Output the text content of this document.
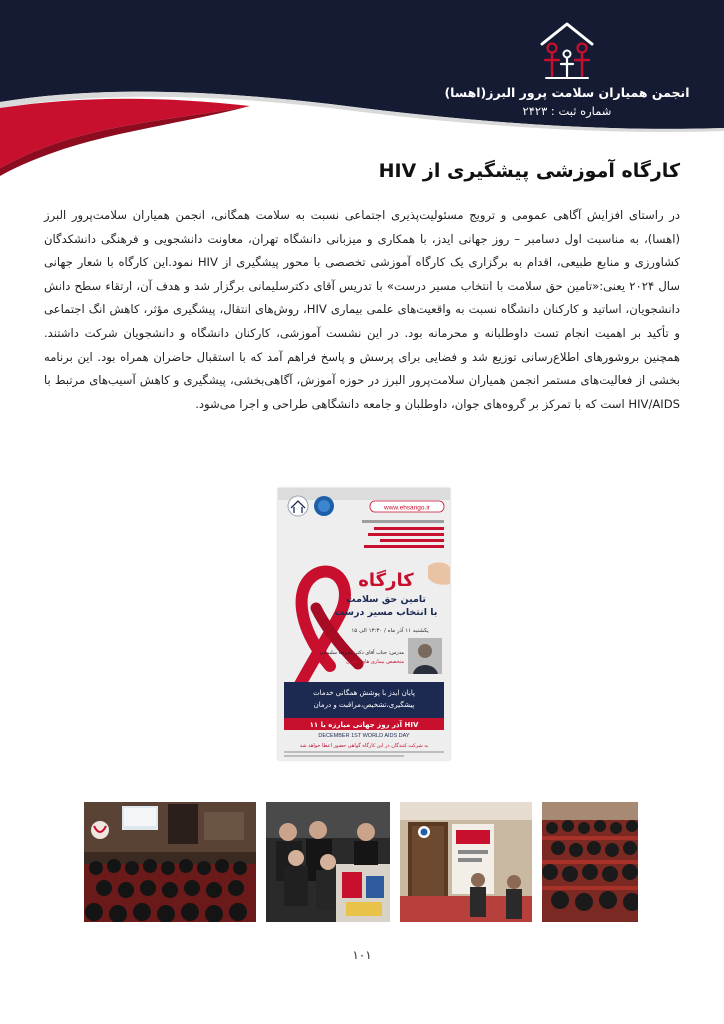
انجمن همیاران سلامت پرور البرز(اهسا)
شماره ثبت : ۲۴۲۳
کارگاه آموزشی پیشگیری از HIV

در راستای افزایش آگاهی عمومی و ترویج مسئولیت‌پذیری اجتماعی نسبت به سلامت همگانی، انجمن همیاران سلامت‌پرور البرز (اهسا)، به مناسبت اول دسامبر – روز جهانی ایدز، با همکاری و میزبانی دانشگاه تهران، معاونت دانشجویی و فرهنگی دانشکدگان کشاورزی و منابع طبیعی، اقدام به برگزاری یک کارگاه آموزشی تخصصی با محور پیشگیری از HIV نمود.این کارگاه با شعار جهانی سال ۲۰۲۴ یعنی:«تامین حق سلامت با انتخاب مسیر درست» با تدریس آقای دکترسلیمانی برگزار شد و هدف آن، ارتقاء سطح دانش دانشجویان، اساتید و کارکنان دانشگاه نسبت به واقعیت‌های علمی بیماری HIV، روش‌های انتقال، پیشگیری مؤثر، کاهش انگ اجتماعی و تأکید بر اهمیت انجام تست داوطلبانه و محرمانه بود. در این نشست آموزشی، کارکنان دانشگاه و دانشجویان شرکت داشتند. همچنین بروشورهای اطلاع‌رسانی توزیع شد و فضایی برای پرسش و پاسخ فراهم آمد که با استقبال حاضران همراه بود. این برنامه بخشی از فعالیت‌های مستمر انجمن همیاران سلامت‌پرور البرز در حوزه آموزش، آگاهی‌بخشی، پیشگیری و کاهش آسیب‌های مرتبط با HIV/AIDS است که با تمرکز بر گروه‌های جوان، داوطلبان و جامعه دانشگاهی طراحی و اجرا می‌شود.

www.ehsango.ir
کارگاه
تامین حق سلامت
با انتخاب مسیر درست
یکشنبه ۱۱ آذر ماه / ۱۳:۳۰ الی ۱۵
مدرس: جناب آقای دکتر علیرضا سلیمانی
متخصص بیماری های عفونی
پایان ایدز با پوشش همگانی خدمات
پیشگیری،تشخیص،مراقبت و درمان
۱۱ آذر روز جهانی مبارزه با HIV
DECEMBER 1ST WORLD AIDS DAY
به شرکت کنندگان در این کارگاه گواهی حضور اعطا خواهد شد
۱۰۱
